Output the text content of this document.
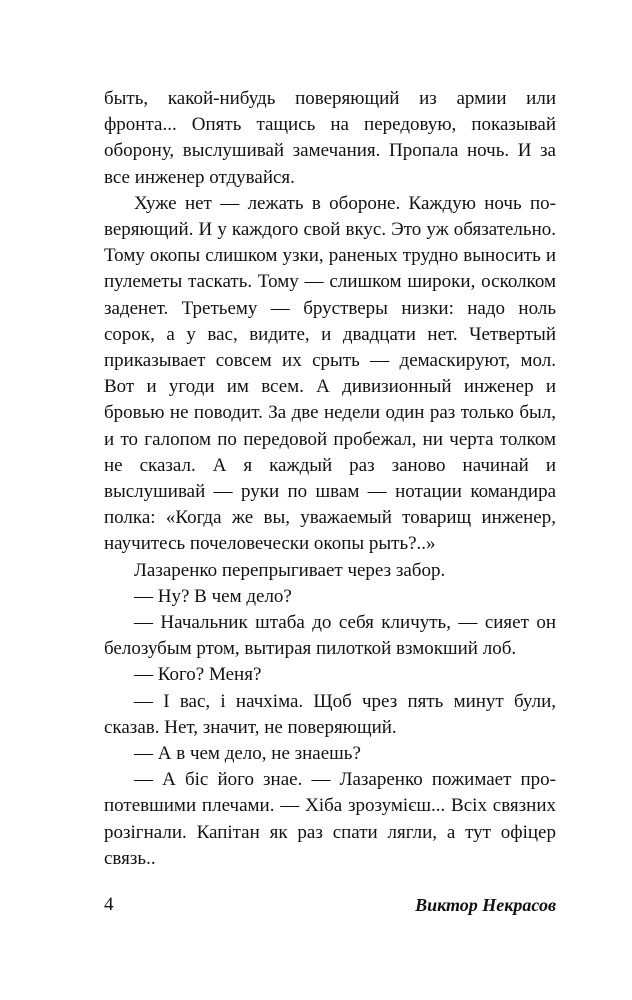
быть, какой-нибудь поверяющий из армии или фронта... Опять тащись на передовую, показывай оборону, выслушивай замечания. Пропала ночь. И за все инженер отдувайся.

Хуже нет — лежать в обороне. Каждую ночь поверяющий. И у каждого свой вкус. Это уж обязательно. Тому окопы слишком узки, раненых трудно выносить и пулеметы таскать. Тому — слишком широки, осколком заденет. Третьему — брустверы низки: надо ноль сорок, а у вас, видите, и двадцати нет. Четвертый приказывает совсем их срыть — демаскируют, мол. Вот и угоди им всем. А дивизионный инженер и бровью не поводит. За две недели один раз только был, и то галопом по передовой пробежал, ни черта толком не сказал. А я каждый раз заново начинай и выслушивай — руки по швам — нотации командира полка: «Когда же вы, уважаемый товарищ инженер, научитесь почеловечески окопы рыть?..»

Лазаренко перепрыгивает через забор.

— Ну? В чем дело?

— Начальник штаба до себя кличуть, — сияет он белозубым ртом, вытирая пилоткой взмокший лоб.

— Кого? Меня?

— I вас, i начхiма. Щоб чрез пять минут були, сказав. Нет, значит, не поверяющий.

— А в чем дело, не знаешь?

— А бiс його знае. — Лазаренко пожимает пропотевшими плечами. — Хiба зрозумiєш... Всiх связних розiгнали. Капiтан як раз спати лягли, а тут офiцер связь..

4	Виктор Некрасов
